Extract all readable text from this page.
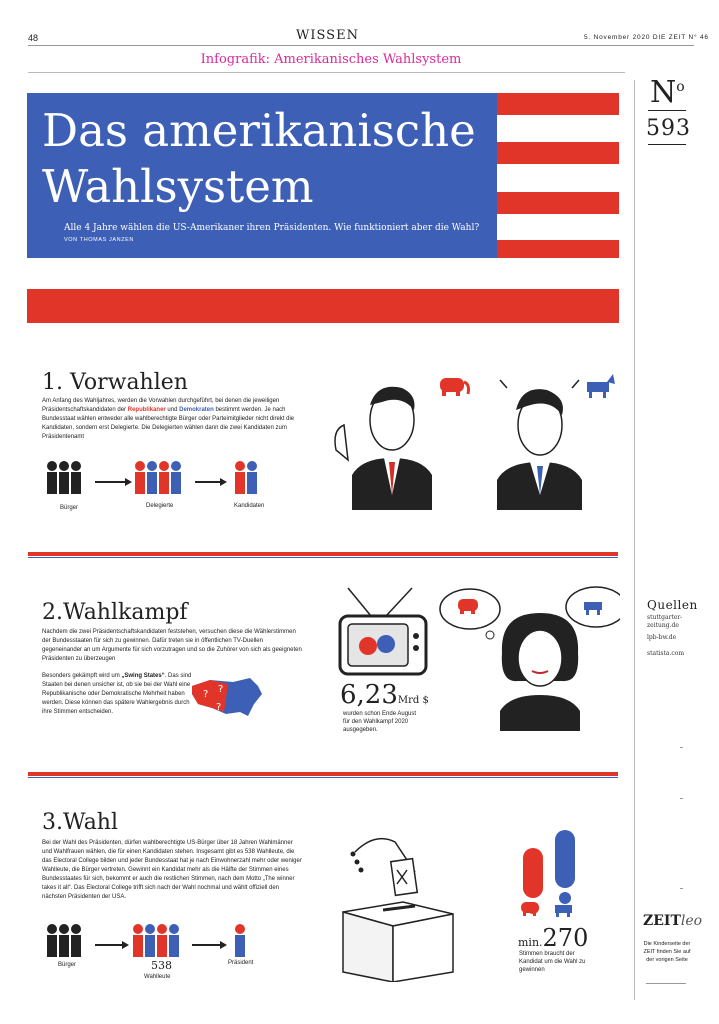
48	WISSEN	5. November 2020 DIE ZEIT N° 46
Infografik: Amerikanisches Wahlsystem
$N^o$
593
Quellen
stuttgarter-zeitung.de
lpb-bw.de
statista.com
ZEITleo
Die Kinderseite der ZEIT finden Sie auf der vorigen Seite
Das amerikanische
Wahlsystem
Alle 4 Jahre wählen die US-Amerikaner ihren Präsidenten. Wie funktioniert aber die Wahl?
VON THOMAS JANZEN
1. Vorwahlen
Am Anfang des Wahljahres, werden die Vorwahlen durchgeführt, bei denen die jeweiligen Präsidentschaftskandidaten der Republikaner und Demokraten bestimmt werden. Je nach Bundesstaat wählen entweder alle wahlberechtigte Bürger oder Parteimitglieder nicht direkt die Kandidaten, sondern erst Delegierte. Die Delegierten wählen dann die zwei Kandidaten zum Präsidentenamt
Bürger	Delegierte	Kandidaten
2.Wahlkampf
Nachdem die zwei Präsidentschaftskandidaten feststehen, versuchen diese die Wählerstimmen der Bundesstaaten für sich zu gewinnen. Dafür treten sie in öffentlichen TV-Duellen gegeneinander an um Argumente für sich vorzutragen und so die Zuhörer von sich als geeigneten Präsidenten zu überzeugen
Besonders gekämpft wird um „Swing States“. Das sind Staaten bei denen unsicher ist, ob sie bei der Wahl eine Republikanische oder Demokratische Mehrheit haben werden. Diese können das spätere Wahlergebnis durch ihre Stimmen entscheiden.
? ?
?	6,23Mrd $
wurden schon Ende August für den Wahlkampf 2020 ausgegeben.
3.Wahl
Bei der Wahl des Präsidenten, dürfen wahlberechtigte US-Bürger über 18 Jahren Wahlmänner und Wahlfrauen wählen, die für einen Kandidaten stehen. Insgesamt gibt es 538 Wahlleute, die das Electoral College bilden und jeder Bundesstaat hat je nach Einwohnerzahl mehr oder weniger Wahlleute, die Bürger vertreten. Gewinnt ein Kandidat mehr als die Hälfte der Stimmen eines Bundesstaates für sich, bekommt er auch die restlichen Stimmen, nach dem Motto „The winner takes it all“. Das Electoral College trifft sich nach der Wahl nochmal und wählt offiziell den nächsten Präsidenten der USA.
Bürger	538
Wahlleute
Präsident
min.270
Stimmen braucht der Kandidat um die Wahl zu gewinnen
